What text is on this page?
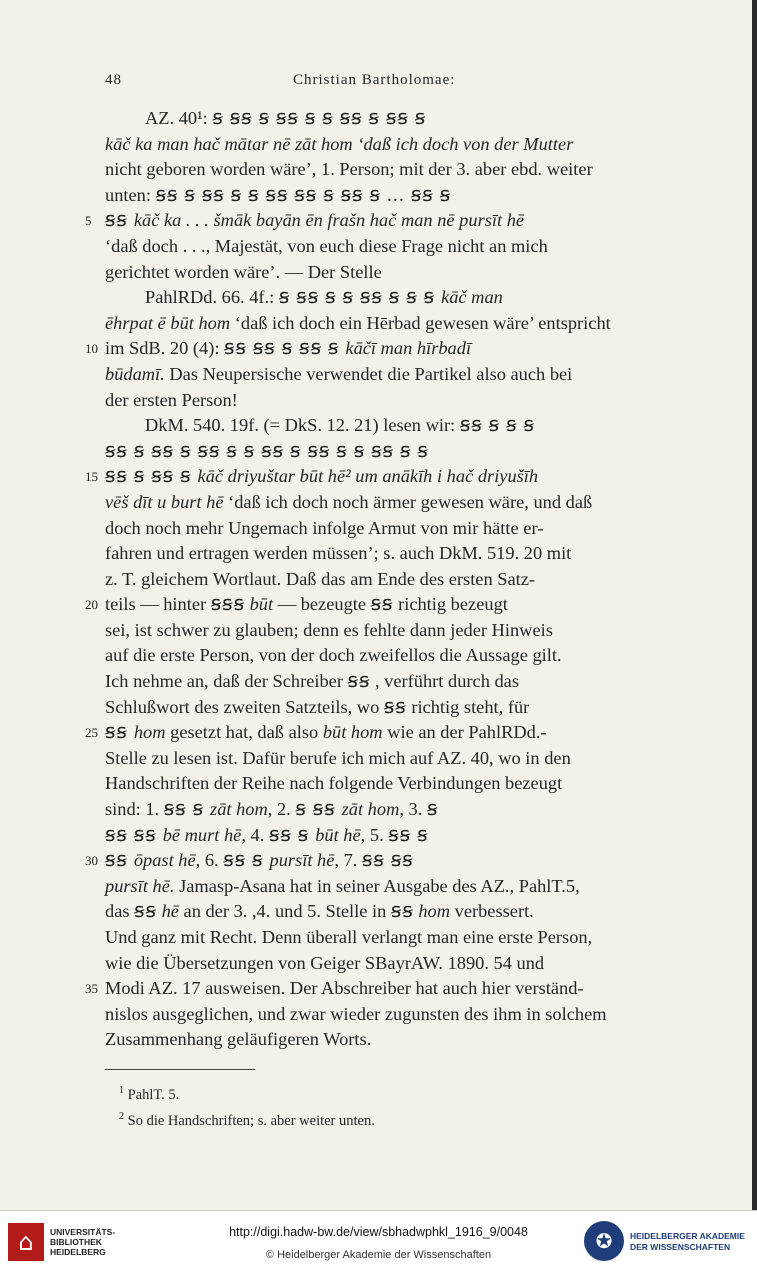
48	Christian Bartholomae:
AZ. 40¹: ꞩ ꞩꞩ ꞩ ꞩꞩ ꞩ ꞩ ꞩꞩ ꞩ ꞩꞩ ꞩ
kāč ka man hač mātar nē zāt hom ‘daß ich doch von der Mutter
nicht geboren worden wäre’, 1. Person; mit der 3. aber ebd. weiter
unten: ꞩꞩ ꞩ ꞩꞩ ꞩ ꞩ ꞩꞩ ꞩꞩ ꞩ ꞩꞩ ꞩ ... ꞩꞩ ꞩ
5 ꞩꞩ kāč ka . . . šmāk bayān ēn frašn hač man nē pursīt hē
‘daß doch . . ., Majestät, von euch diese Frage nicht an mich
gerichtet worden wäre’. — Der Stelle
PahlRDd. 66. 4f.: ꞩ ꞩꞩ ꞩ ꞩ ꞩꞩ ꞩ ꞩ ꞩ kāč man
ēhrpat ē būt hom ‘daß ich doch ein Hērbad gewesen wäre’ entspricht
10 im SdB. 20 (4): ꞩꞩ ꞩꞩ ꞩ ꞩꞩ ꞩ kāčī man hīrbadī
būdamī. Das Neupersische verwendet die Partikel also auch bei
der ersten Person!
DkM. 540. 19f. (= DkS. 12. 21) lesen wir: ꞩꞩ ꞩ ꞩ ꞩ
ꞩꞩ ꞩ ꞩꞩ ꞩ ꞩꞩ ꞩ ꞩ ꞩꞩ ꞩ ꞩꞩ ꞩ ꞩ ꞩꞩ ꞩ ꞩ
15 ꞩꞩ ꞩ ꞩꞩ ꞩ kāč driyuštar būt hē² um anākīh i hač driyušīh
vēš dīt u burt hē ‘daß ich doch noch ärmer gewesen wäre, und daß
doch noch mehr Ungemach infolge Armut von mir hätte er-
fahren und ertragen werden müssen’; s. auch DkM. 519. 20 mit
z. T. gleichem Wortlaut. Daß das am Ende des ersten Satz-
20 teils — hinter ꞩꞩꞩ būt — bezeugte ꞩꞩ richtig bezeugt
sei, ist schwer zu glauben; denn es fehlte dann jeder Hinweis
auf die erste Person, von der doch zweifellos die Aussage gilt.
Ich nehme an, daß der Schreiber ꞩꞩ , verführt durch das
Schlußwort des zweiten Satzteils, wo ꞩꞩ richtig steht, für
25 ꞩꞩ hom gesetzt hat, daß also būt hom wie an der PahlRDd.-
Stelle zu lesen ist. Dafür berufe ich mich auf AZ. 40, wo in den
Handschriften der Reihe nach folgende Verbindungen bezeugt
sind: 1. ꞩꞩ ꞩ zāt hom, 2. ꞩ ꞩꞩ zāt hom, 3. ꞩ
ꞩꞩ ꞩꞩ bē murt hē, 4. ꞩꞩ ꞩ būt hē, 5. ꞩꞩ ꞩ
30 ꞩꞩ ōpast hē, 6. ꞩꞩ ꞩ pursīt hē, 7. ꞩꞩ ꞩꞩ
pursīt hē. Jamasp-Asana hat in seiner Ausgabe des AZ., PahlT.5,
das ꞩꞩ hē an der 3. ,4. und 5. Stelle in ꞩꞩ hom verbessert.
Und ganz mit Recht. Denn überall verlangt man eine erste Person,
wie die Übersetzungen von Geiger SBayrAW. 1890. 54 und
35 Modi AZ. 17 ausweisen. Der Abschreiber hat auch hier verständ-
nislos ausgeglichen, und zwar wieder zugunsten des ihm in solchem
Zusammenhang geläufigeren Worts.
$^1$ PahlT. 5.
$^2$ So die Handschriften; s. aber weiter unten.
⌂	UNIVERSITÄTS-BIBLIOTHEK HEIDELBERG
http://digi.hadw-bw.de/view/sbhadwphkl_1916_9/0048
© Heidelberger Akademie der Wissenschaften
✪	HEIDELBERGER AKADEMIE DER WISSENSCHAFTEN
